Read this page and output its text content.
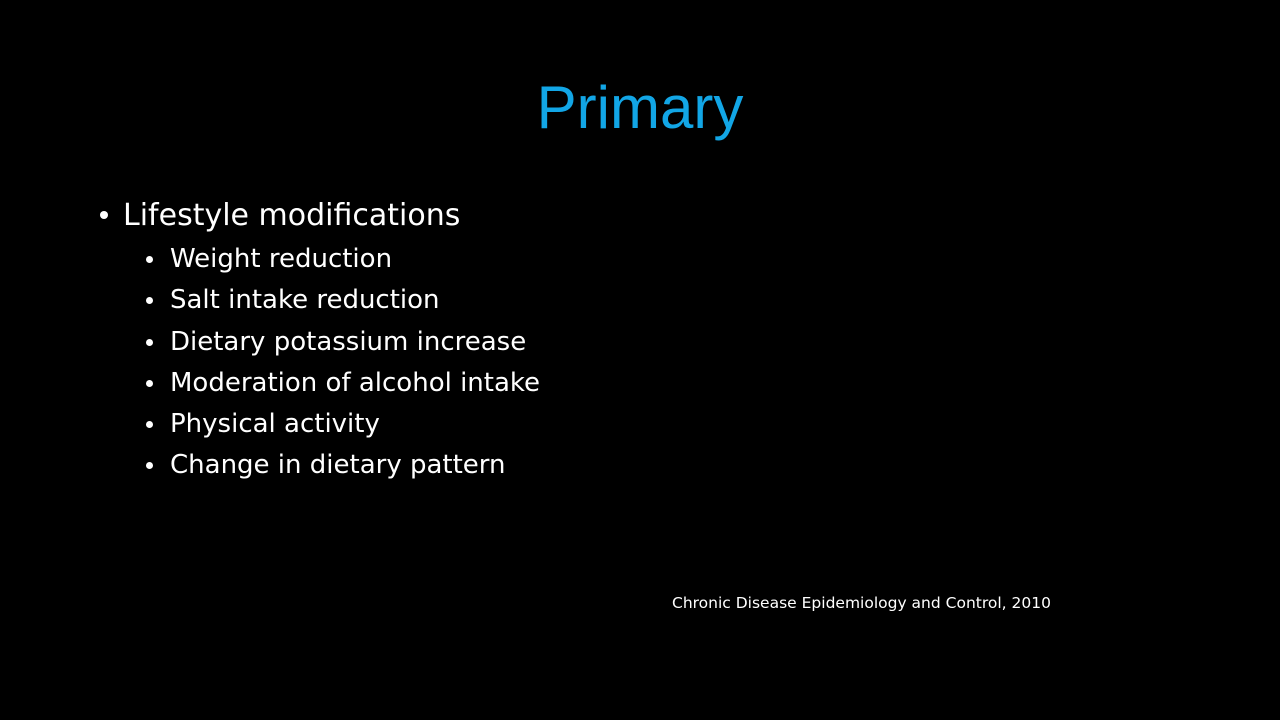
Primary
Lifestyle modifications
Weight reduction
Salt intake reduction
Dietary potassium increase
Moderation of alcohol intake
Physical activity
Change in dietary pattern

Chronic Disease Epidemiology and Control, 2010
